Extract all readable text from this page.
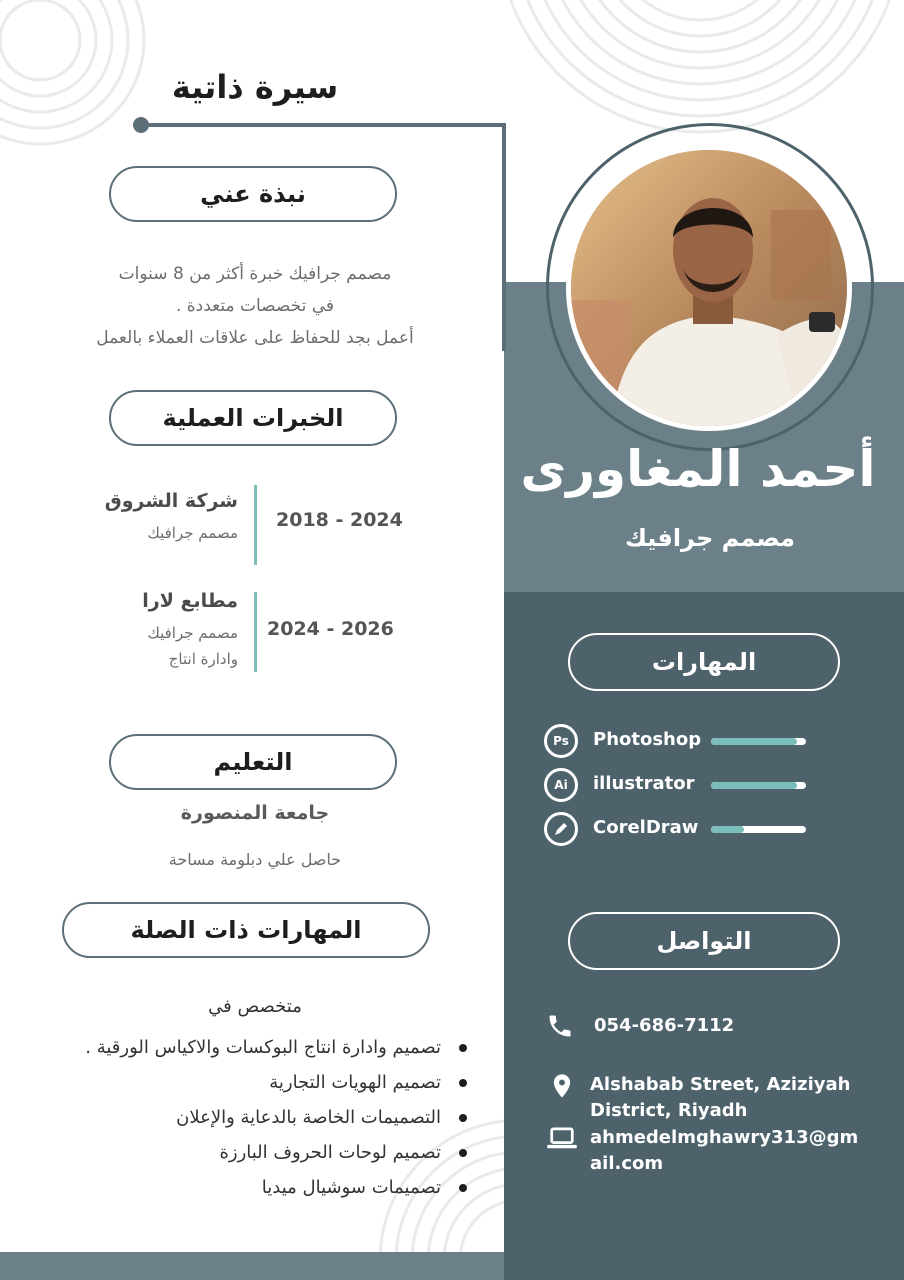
سيرة ذاتية
نبذة عني
مصمم جرافيك خبرة أكثر من 8 سنوات
في تخصصات متعددة .
أعمل بجد للحفاظ على علاقات العملاء بالعمل
الخبرات العملية
شركة الشروق
مصمم جرافيك
2018 - 2024
مطابع لارا
مصمم جرافيك
وادارة انتاج
2024 - 2026
التعليم
جامعة المنصورة
حاصل علي دبلومة مساحة
المهارات ذات الصلة
متخصص في
تصميم وادارة انتاج البوكسات والاكياس الورقية .
تصميم الهويات التجارية
التصميمات الخاصة بالدعاية والإعلان
تصميم لوحات الحروف البارزة
تصميمات سوشيال ميديا
أحمد المغاورى
مصمم جرافيك
المهارات
Ps	Photoshop
Ai	illustrator
CorelDraw
التواصل
054-686-7112
Alshabab Street, Aziziyah
District, Riyadh
ahmedelmghawry313@gm
ail.com
